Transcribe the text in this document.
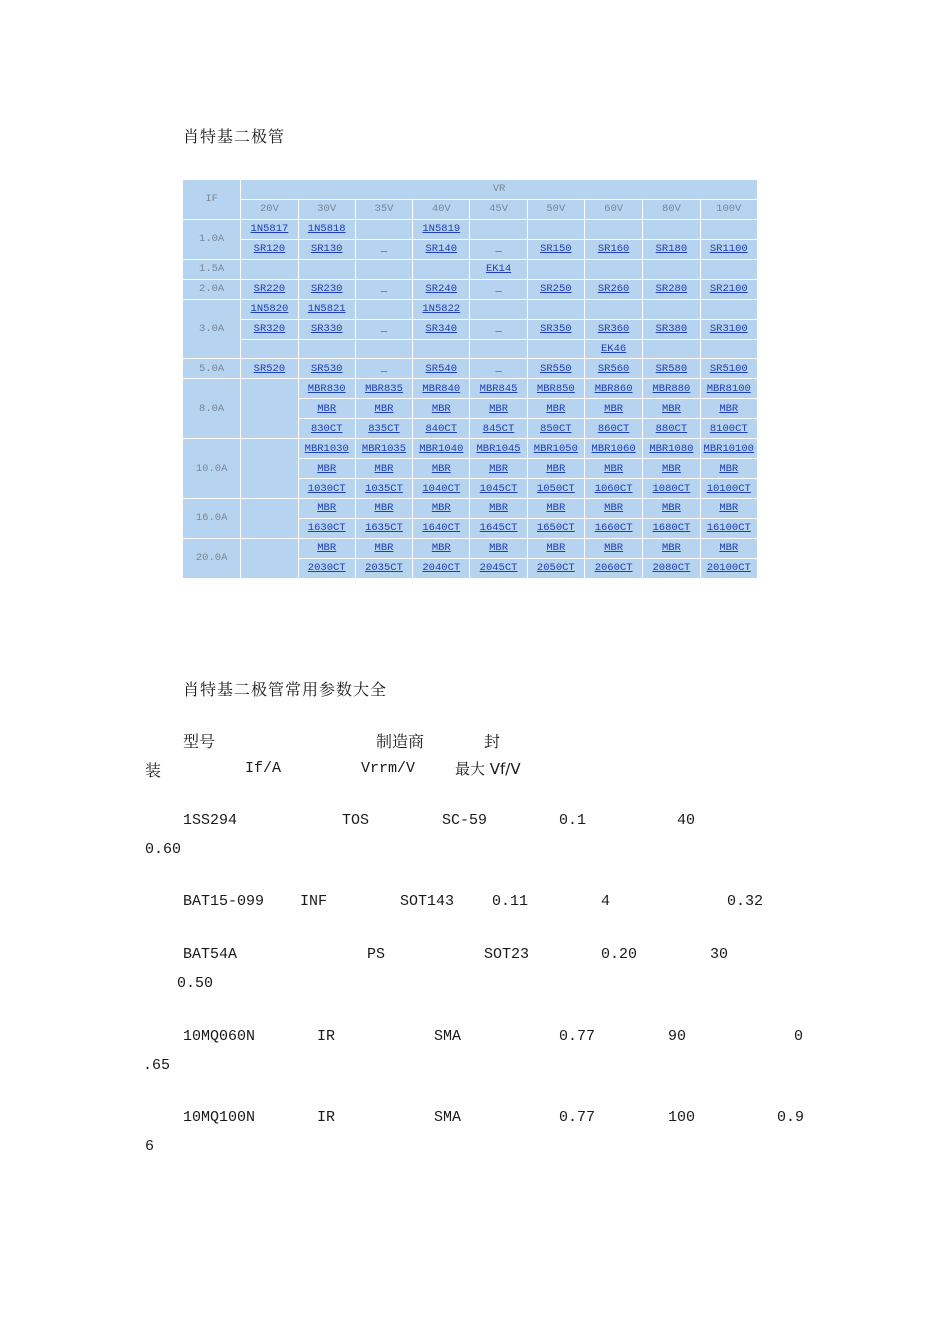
肖特基二极管
IF	VR								
	20V	30V	35V	40V	45V	50V	60V	80V	100V
1.0A	1N5817	1N5818		1N5819					
	SR120	SR130	_	SR140	_	SR150	SR160	SR180	SR1100
1.5A					EK14				
2.0A	SR220	SR230	_	SR240	_	SR250	SR260	SR280	SR2100
3.0A	1N5820	1N5821		1N5822					
	SR320	SR330	_	SR340	_	SR350	SR360	SR380	SR3100
							EK46		
5.0A	SR520	SR530	_	SR540	_	SR550	SR560	SR580	SR5100
8.0A		MBR830	MBR835	MBR840	MBR845	MBR850	MBR860	MBR880	MBR8100
		MBR	MBR	MBR	MBR	MBR	MBR	MBR	MBR
		830CT	835CT	840CT	845CT	850CT	860CT	880CT	8100CT
10.0A		MBR1030	MBR1035	MBR1040	MBR1045	MBR1050	MBR1060	MBR1080	MBR10100
		MBR	MBR	MBR	MBR	MBR	MBR	MBR	MBR
		1030CT	1035CT	1040CT	1045CT	1050CT	1060CT	1080CT	10100CT
16.0A		MBR	MBR	MBR	MBR	MBR	MBR	MBR	MBR
		1630CT	1635CT	1640CT	1645CT	1650CT	1660CT	1680CT	16100CT
20.0A		MBR	MBR	MBR	MBR	MBR	MBR	MBR	MBR
		2030CT	2035CT	2040CT	2045CT	2050CT	2060CT	2080CT	20100CT
肖特基二极管常用参数大全
型号	制造商	封
装	If/A	Vrrm/V	最大 Vf/V
1SS294	TOS	SC-59	0.1	40
0.60
BAT15-099 INF	SOT143	0.11	4	0.32
BAT54A	PS	SOT23	0.20	30
0.50
10MQ060N	IR	SMA	0.77	90	0
.65
10MQ100N	IR	SMA	0.77	100	0.9
6
